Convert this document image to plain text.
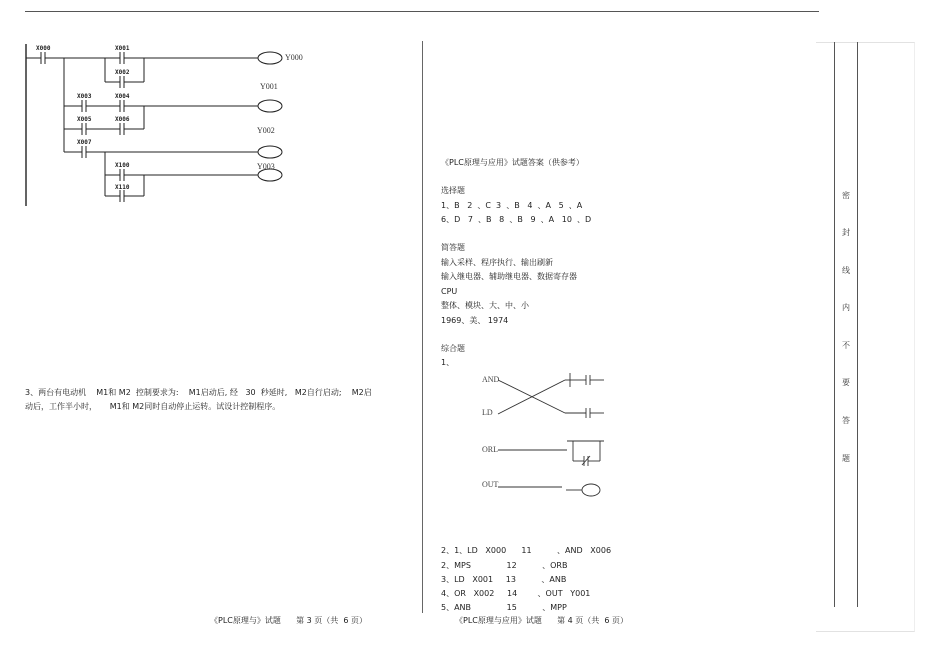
X000	X001
X002
X003	X004
X005	X006
X007
X100
X110
Y000
Y001
Y002
Y003
3、两台有电动机    M1和 M2  控制要求为:    M1启动后, 经   30  秒延时,   M2自行启动;    M2启
动后，工作半小时，     M1和 M2同时自动停止运转。试设计控制程序。
《PLC原理与应用》试题答案（供参考）
选择题
1、B   2  、C  3  、B   4  、A   5  、A
6、D   7  、B   8  、B   9  、A   10  、D
简答题
输入采样、程序执行、输出刷新
输入继电器、辅助继电器、数据寄存器
CPU
整体、模块、大、中、小
1969、美、 1974
综合题
1、
AND
LD
ORL
OUT
2、1、LD   X000      11          、AND   X006
2、MPS              12          、ORB
3、LD   X001     13          、ANB
4、OR   X002     14        、OUT   Y001
5、ANB              15          、MPP
《PLC原理与》试题      第 3 页（共  6 页）	《PLC原理与应用》试题      第 4 页（共  6 页）
密
封
线
内
不
要
答
题
